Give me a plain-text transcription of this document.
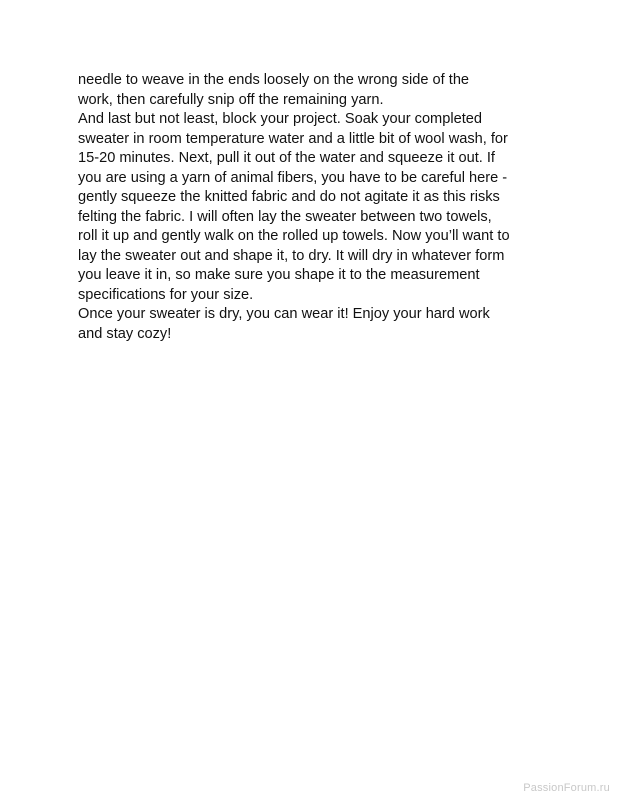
needle to weave in the ends loosely on the wrong side of the
work, then carefully snip off the remaining yarn.

And last but not least, block your project. Soak your completed
sweater in room temperature water and a little bit of wool wash, for
15-20 minutes. Next, pull it out of the water and squeeze it out. If
you are using a yarn of animal fibers, you have to be careful here -
gently squeeze the knitted fabric and do not agitate it as this risks
felting the fabric. I will often lay the sweater between two towels,
roll it up and gently walk on the rolled up towels. Now you’ll want to
lay the sweater out and shape it, to dry. It will dry in whatever form
you leave it in, so make sure you shape it to the measurement
specifications for your size.

Once your sweater is dry, you can wear it! Enjoy your hard work
and stay cozy!

PassionForum.ru
